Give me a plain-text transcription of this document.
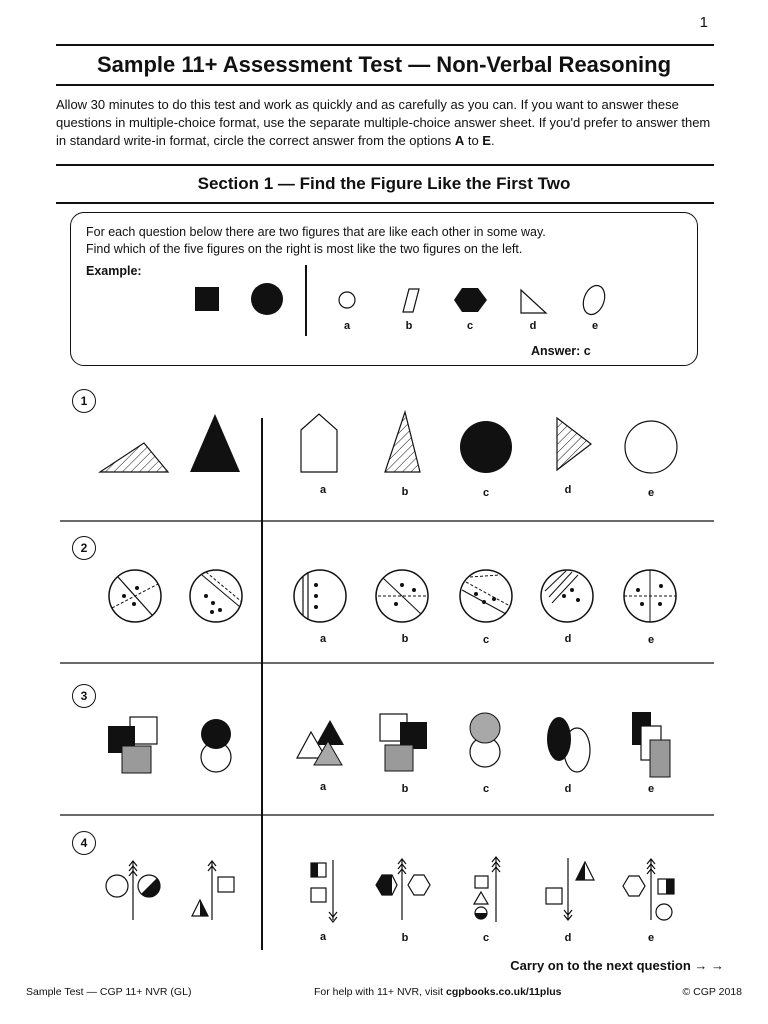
1
Sample 11+ Assessment Test — Non-Verbal Reasoning
Allow 30 minutes to do this test and work as quickly and as carefully as you can. If you want to answer these questions in multiple-choice format, use the separate multiple-choice answer sheet. If you'd prefer to answer them in standard write-in format, circle the correct answer from the options A to E.
Section 1 — Find the Figure Like the First Two
For each question below there are two figures that are like each other in some way.
Find which of the five figures on the right is most like the two figures on the left.
Example:
Answer: c
a	b	c	d	e
1
2
3
4
a	b	c	d	e
a	b	c	d	e
a	b	c	d	e
a	b	c	d	e
Carry on to the next question → →
Sample Test — CGP 11+ NVR (GL)	For help with 11+ NVR, visit cgpbooks.co.uk/11plus	© CGP 2018
